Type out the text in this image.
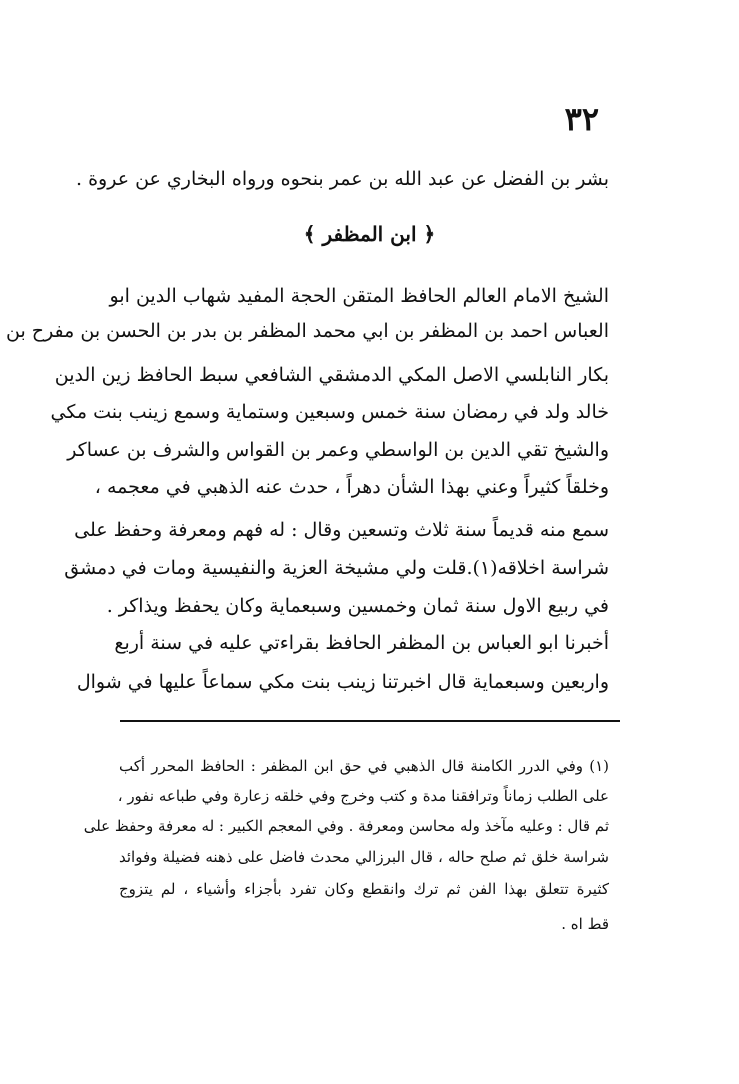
٣٢
بشر بن الفضل عن عبد الله بن عمر بنحوه ورواه البخاري عن عروة .
﴿ ابن المظفر ﴾
الشيخ الامام العالم الحافظ المتقن الحجة المفيد شهاب الدين ابو
العباس احمد بن المظفر بن ابي محمد المظفر بن بدر بن الحسن بن مفرح بن
بكار النابلسي الاصل المكي الدمشقي الشافعي سبط الحافظ زين الدين
خالد ولد في رمضان سنة خمس وسبعين وستماية وسمع زينب بنت مكي
والشيخ تقي الدين بن الواسطي وعمر بن القواس والشرف بن عساكر
وخلقاً كثيراً وعني بهذا الشأن دهراً ، حدث عنه الذهبي في معجمه ،
سمع منه قديماً سنة ثلاث وتسعين وقال : له فهم ومعرفة وحفظ على
شراسة اخلاقه(١).قلت ولي مشيخة العزية والنفيسية ومات في دمشق
في ربيع الاول سنة ثمان وخمسين وسبعماية وكان يحفظ ويذاكر .
أخبرنا ابو العباس بن المظفر الحافظ بقراءتي عليه في سنة أربع
واربعين وسبعماية قال اخبرتنا زينب بنت مكي سماعاً عليها في شوال
(١) وفي الدرر الكامنة قال الذهبي في حق ابن المظفر : الحافظ المحرر أكب
على الطلب زماناً وترافقنا مدة و كتب وخرج وفي خلقه زعارة وفي طباعه نفور ،
ثم قال : وعليه مآخذ وله محاسن ومعرفة . وفي المعجم الكبير : له معرفة وحفظ على
شراسة خلق ثم صلح حاله ، قال البرزالي محدث فاضل على ذهنه فضيلة وفوائد
كثيرة تتعلق بهذا الفن ثم ترك وانقطع وكان تفرد بأجزاء وأشياء ، لم يتزوج
قط اه .
